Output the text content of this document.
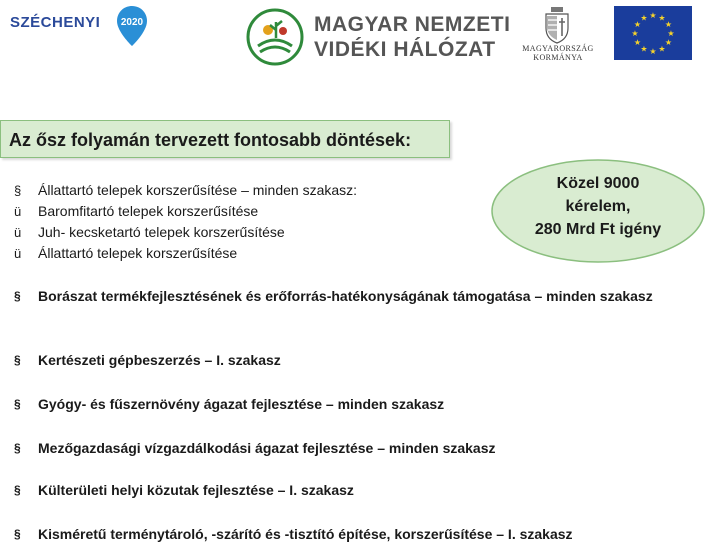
SZÉCHENYI 2020	MAGYAR NEMZETI
VIDÉKI HÁLÓZAT	MAGYARORSZÁG
KORMÁNYA
★ ★
★
★
★
★
★
★
★
★
★
★
Az ősz folyamán tervezett fontosabb döntések:
§	Állattartó telepek korszerűsítése – minden szakasz:
ü	Baromfitartó telepek korszerűsítése
ü	Juh- kecsketartó telepek korszerűsítése
ü	Állattartó telepek korszerűsítése
Közel 9000
kérelem,
280 Mrd Ft igény
§ Borászat termékfejlesztésének és erőforrás-hatékonyságának támogatása – minden szakasz
§ Kertészeti gépbeszerzés – I. szakasz
§ Gyógy- és fűszernövény ágazat fejlesztése – minden szakasz
§ Mezőgazdasági vízgazdálkodási ágazat fejlesztése – minden szakasz
§ Külterületi helyi közutak fejlesztése – I. szakasz
§ Kisméretű terménytároló, -szárító és -tisztító építése, korszerűsítése – I. szakasz
